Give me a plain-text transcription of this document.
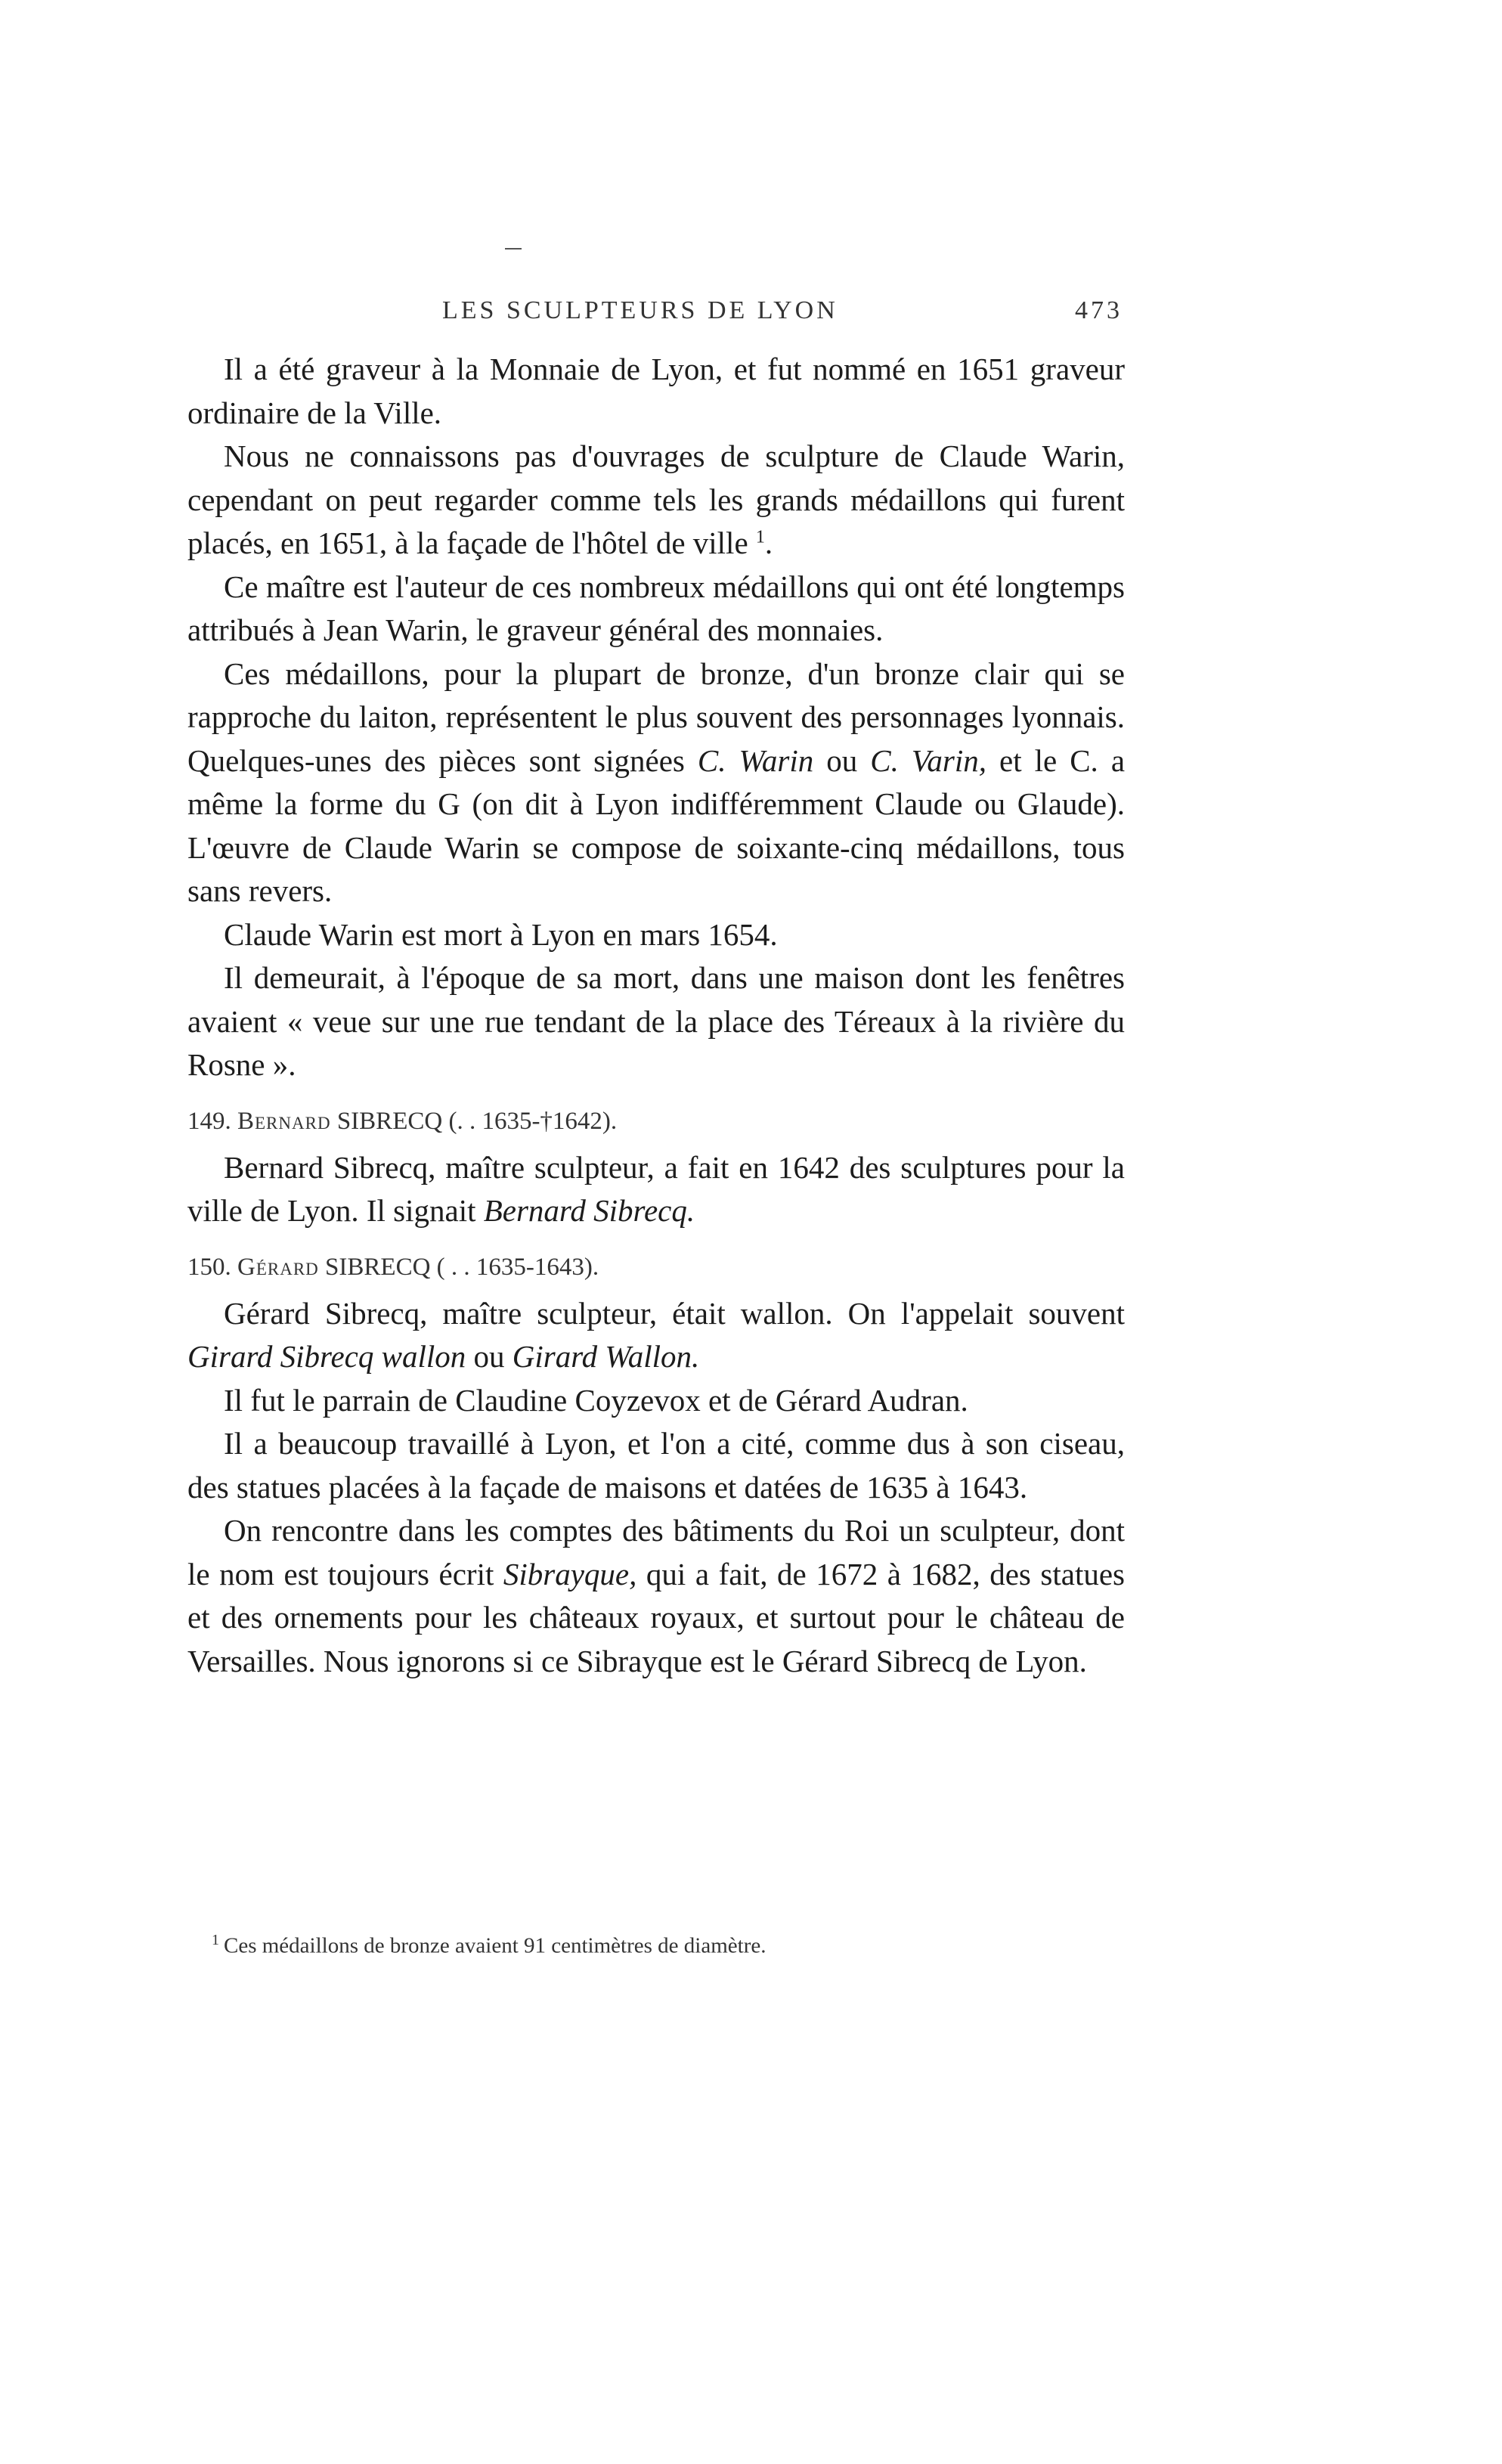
LES SCULPTEURS DE LYON	473

Il a été graveur à la Monnaie de Lyon, et fut nommé en 1651 graveur ordinaire de la Ville.

Nous ne connaissons pas d'ouvrages de sculpture de Claude Warin, cependant on peut regarder comme tels les grands médaillons qui furent placés, en 1651, à la façade de l'hôtel de ville $^1$.

Ce maître est l'auteur de ces nombreux médaillons qui ont été longtemps attribués à Jean Warin, le graveur général des monnaies.

Ces médaillons, pour la plupart de bronze, d'un bronze clair qui se rapproche du laiton, représentent le plus souvent des personnages lyonnais. Quelques-unes des pièces sont signées C. Warin ou C. Varin, et le C. a même la forme du G (on dit à Lyon indifféremment Claude ou Glaude). L'œuvre de Claude Warin se compose de soixante-cinq médaillons, tous sans revers.

Claude Warin est mort à Lyon en mars 1654.

Il demeurait, à l'époque de sa mort, dans une maison dont les fenêtres avaient « veue sur une rue tendant de la place des Téreaux à la rivière du Rosne ».

149. Bernard SIBRECQ (. . 1635-†1642).

Bernard Sibrecq, maître sculpteur, a fait en 1642 des sculptures pour la ville de Lyon. Il signait Bernard Sibrecq.

150. Gérard SIBRECQ ( . . 1635-1643).

Gérard Sibrecq, maître sculpteur, était wallon. On l'appelait souvent Girard Sibrecq wallon ou Girard Wallon.

Il fut le parrain de Claudine Coyzevox et de Gérard Audran.

Il a beaucoup travaillé à Lyon, et l'on a cité, comme dus à son ciseau, des statues placées à la façade de maisons et datées de 1635 à 1643.

On rencontre dans les comptes des bâtiments du Roi un sculpteur, dont le nom est toujours écrit Sibrayque, qui a fait, de 1672 à 1682, des statues et des ornements pour les châteaux royaux, et surtout pour le château de Versailles. Nous ignorons si ce Sibrayque est le Gérard Sibrecq de Lyon.

$^1$ Ces médaillons de bronze avaient 91 centimètres de diamètre.
